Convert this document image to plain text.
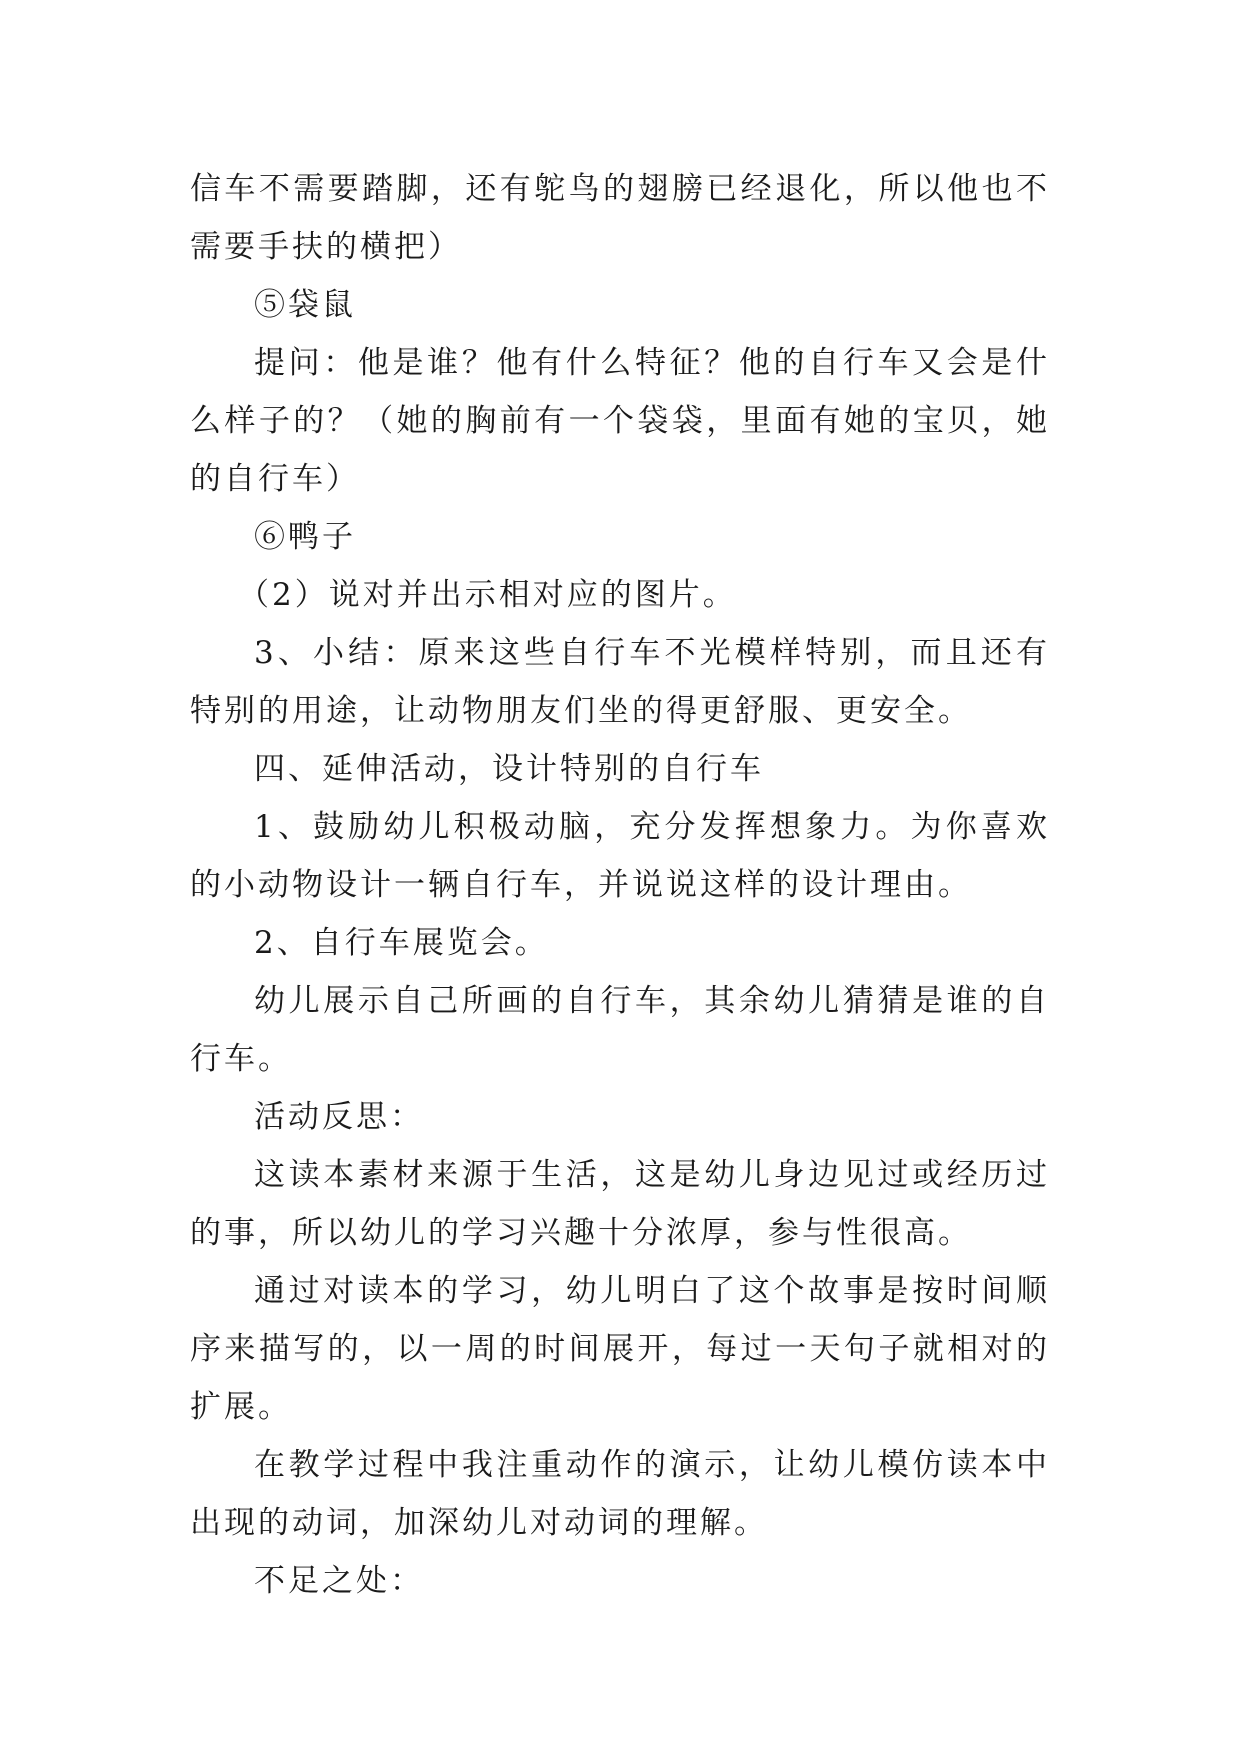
信车不需要踏脚，还有鸵鸟的翅膀已经退化，所以他也不需要手扶的横把）

⑤袋鼠

提问：他是谁？他有什么特征？他的自行车又会是什么样子的？（她的胸前有一个袋袋，里面有她的宝贝，她的自行车）

⑥鸭子

（2）说对并出示相对应的图片。

3、小结：原来这些自行车不光模样特别，而且还有特别的用途，让动物朋友们坐的得更舒服、更安全。

四、延伸活动，设计特别的自行车

1、鼓励幼儿积极动脑，充分发挥想象力。为你喜欢的小动物设计一辆自行车，并说说这样的设计理由。

2、自行车展览会。

幼儿展示自己所画的自行车，其余幼儿猜猜是谁的自行车。

活动反思：

这读本素材来源于生活，这是幼儿身边见过或经历过的事，所以幼儿的学习兴趣十分浓厚，参与性很高。

通过对读本的学习，幼儿明白了这个故事是按时间顺序来描写的，以一周的时间展开，每过一天句子就相对的扩展。

在教学过程中我注重动作的演示，让幼儿模仿读本中出现的动词，加深幼儿对动词的理解。

不足之处：
